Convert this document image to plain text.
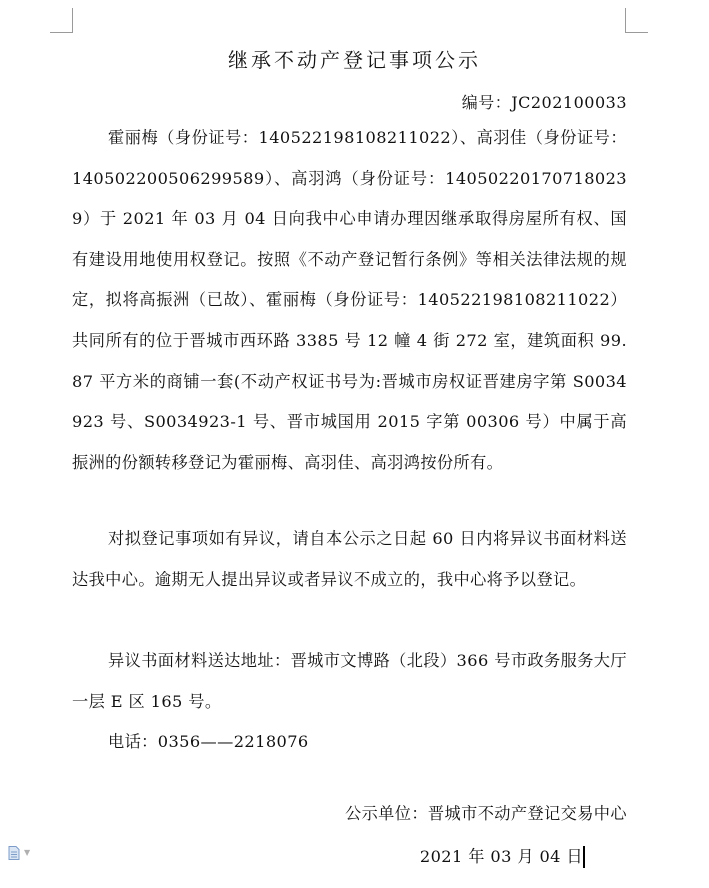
继承不动产登记事项公示
编号：JC202100033

霍丽梅（身份证号：140522198108211022）、高羽佳（身份证号：140502200506299589）、高羽鸿（身份证号：140502201707180239）于 2021 年 03 月 04 日向我中心申请办理因继承取得房屋所有权、国有建设用地使用权登记。按照《不动产登记暂行条例》等相关法律法规的规定，拟将高振洲（已故）、霍丽梅（身份证号：140522198108211022）共同所有的位于晋城市西环路 3385 号 12 幢 4 街 272 室，建筑面积 99.87 平方米的商铺一套(不动产权证书号为:晋城市房权证晋建房字第 S0034923 号、S0034923-1 号、晋市城国用 2015 字第 00306 号）中属于高振洲的份额转移登记为霍丽梅、高羽佳、高羽鸿按份所有。

对拟登记事项如有异议，请自本公示之日起 60 日内将异议书面材料送达我中心。逾期无人提出异议或者异议不成立的，我中心将予以登记。

异议书面材料送达地址：晋城市文博路（北段）366 号市政务服务大厅一层 E 区 165 号。

电话：0356——2218076

公示单位：晋城市不动产登记交易中心
2021 年 03 月 04 日
▼
